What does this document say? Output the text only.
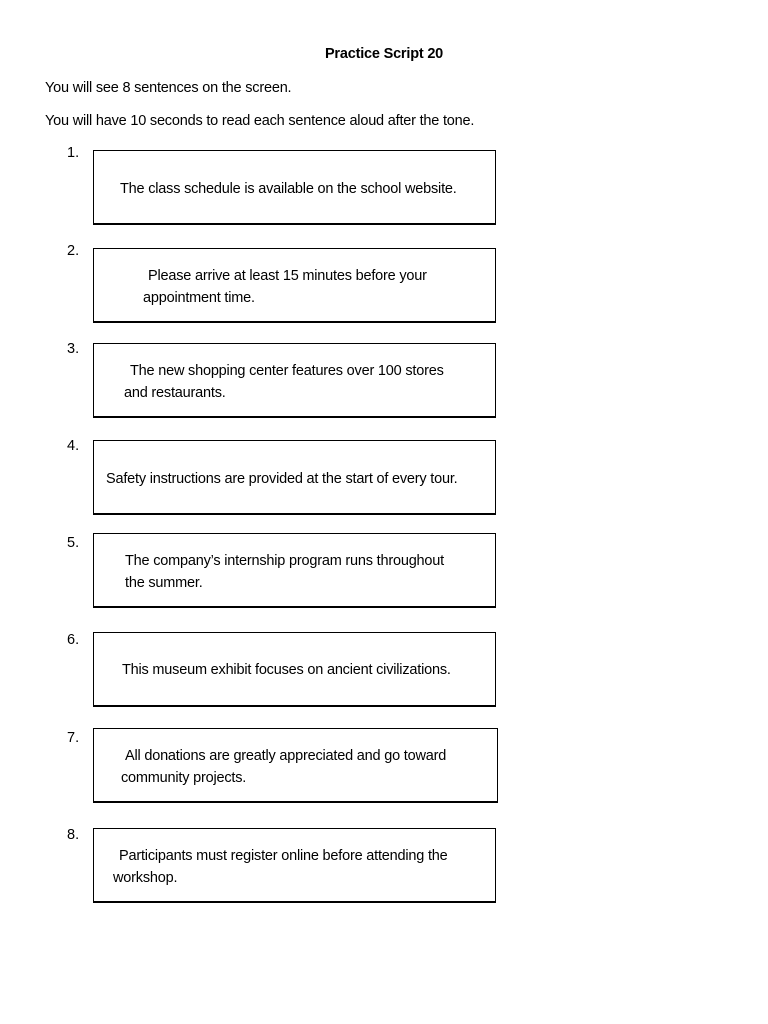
Practice Script 20
You will see 8 sentences on the screen.
You will have 10 seconds to read each sentence aloud after the tone.
1.
The class schedule is available on the school website.
2.
Please arrive at least 15 minutes before your
appointment time.
3.
The new shopping center features over 100 stores
and restaurants.
4.
Safety instructions are provided at the start of every tour.
5.
The company’s internship program runs throughout
the summer.
6.
This museum exhibit focuses on ancient civilizations.
7.
All donations are greatly appreciated and go toward
community projects.
8.
Participants must register online before attending the
workshop.
